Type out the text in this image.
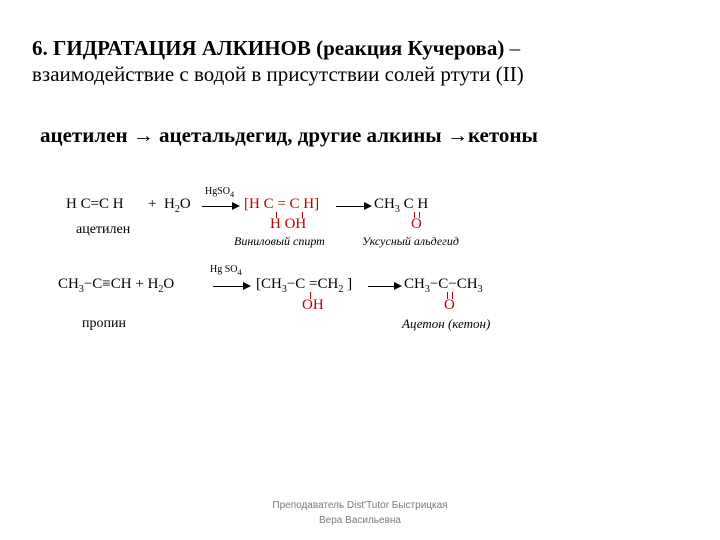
6. ГИДРАТАЦИЯ АЛКИНОВ (реакция Кучерова) –
взаимодействие с водой в присутствии солей ртути (II)
ацетилен → ацетальдегид, другие алкины →кетоны
H C=C $H + H_2O$
HgSO$_4$
[H C = C H]
H OH
$CH_3$ C H
O
ацетилен
Виниловый спирт	Уксусный альдегид
$CH_3-C\equiv CH + H_2O$
Hg $SO_4$
[$CH_3-C =CH_2$ ]
OH
$CH_3-C-CH_3$
O
пропин	Ацетон (кетон)
Преподаватель Dist'Tutor Быстрицкая
Вера Васильевна
